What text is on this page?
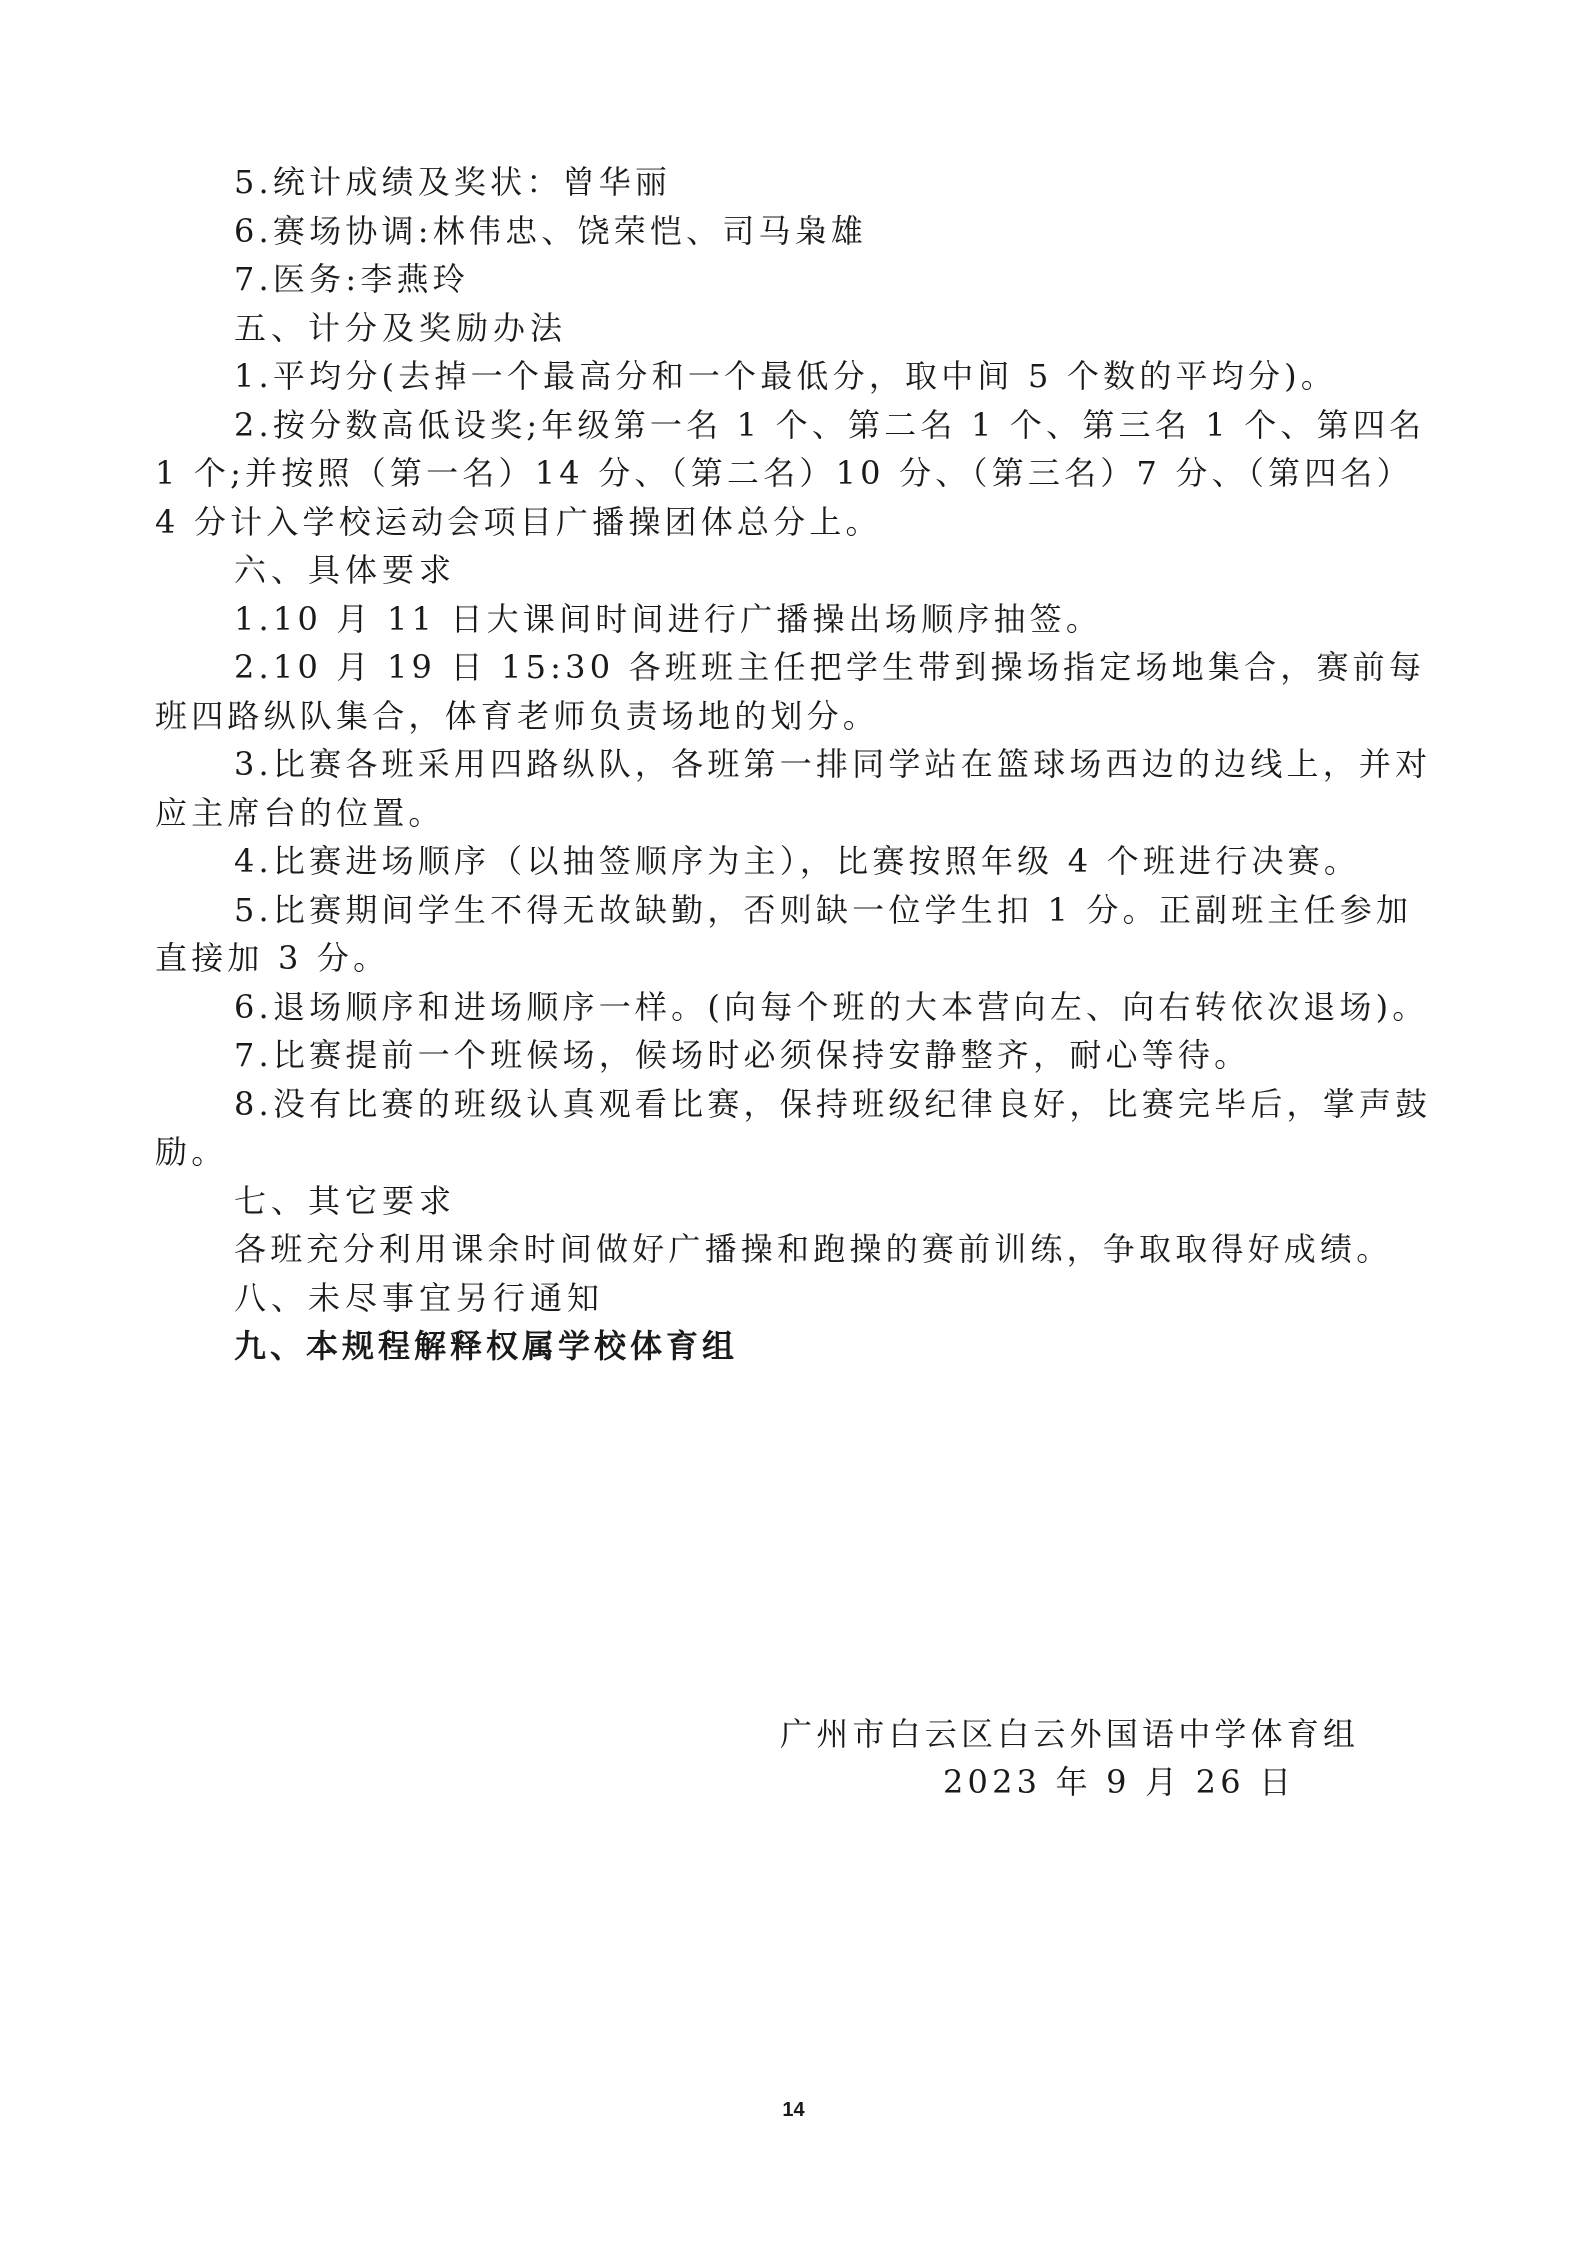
5.统计成绩及奖状：曾华丽

6.赛场协调:林伟忠、饶荣恺、司马枭雄

7.医务:李燕玲

五、计分及奖励办法

1.平均分(去掉一个最高分和一个最低分，取中间 5 个数的平均分)。

2.按分数高低设奖;年级第一名 1 个、第二名 1 个、第三名 1 个、第四名 1 个;并按照（第一名）14 分、（第二名）10 分、（第三名）7 分、（第四名）4 分计入学校运动会项目广播操团体总分上。

六、具体要求

1.10 月 11 日大课间时间进行广播操出场顺序抽签。

2.10 月 19 日 15:30 各班班主任把学生带到操场指定场地集合，赛前每班四路纵队集合，体育老师负责场地的划分。

3.比赛各班采用四路纵队，各班第一排同学站在篮球场西边的边线上，并对应主席台的位置。

4.比赛进场顺序（以抽签顺序为主），比赛按照年级 4 个班进行决赛。

5.比赛期间学生不得无故缺勤，否则缺一位学生扣 1 分。正副班主任参加直接加 3 分。

6.退场顺序和进场顺序一样。(向每个班的大本营向左、向右转依次退场)。

7.比赛提前一个班候场，候场时必须保持安静整齐，耐心等待。

8.没有比赛的班级认真观看比赛，保持班级纪律良好，比赛完毕后，掌声鼓励。

七、其它要求

各班充分利用课余时间做好广播操和跑操的赛前训练，争取取得好成绩。

八、未尽事宜另行通知

九、本规程解释权属学校体育组

广州市白云区白云外国语中学体育组

2023 年 9 月 26 日

14
